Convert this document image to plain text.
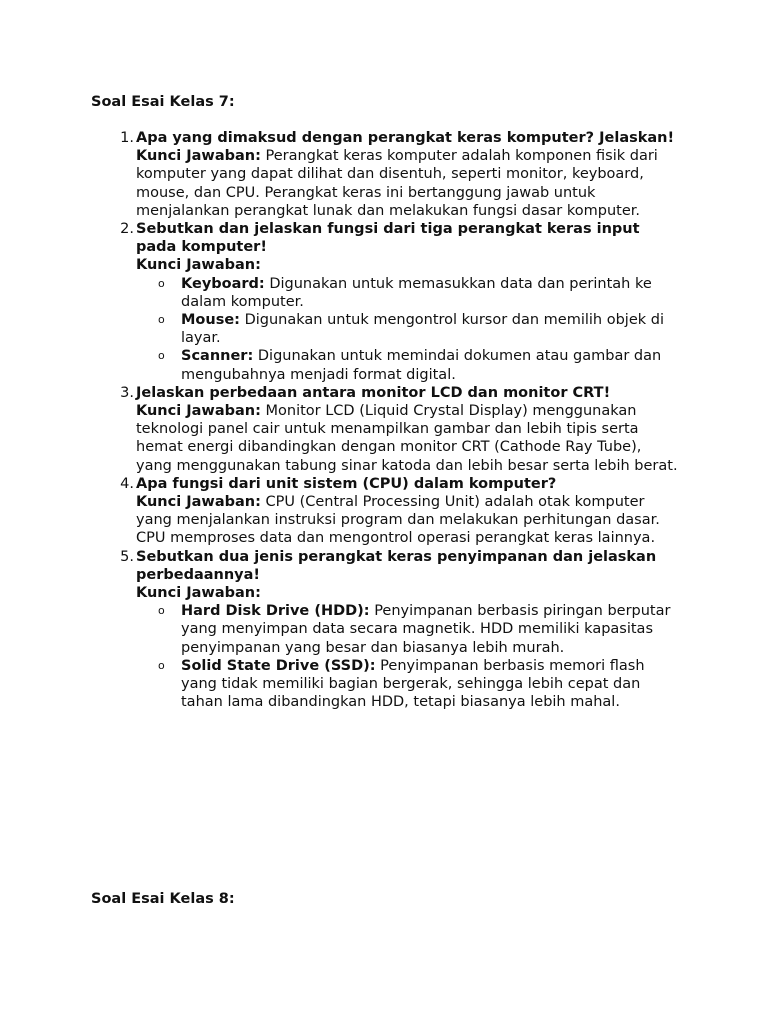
Soal Esai Kelas 7:

1. Apa yang dimaksud dengan perangkat keras komputer? Jelaskan!
Kunci Jawaban: Perangkat keras komputer adalah komponen fisik dari komputer yang dapat dilihat dan disentuh, seperti monitor, keyboard, mouse, dan CPU. Perangkat keras ini bertanggung jawab untuk menjalankan perangkat lunak dan melakukan fungsi dasar komputer.
2. Sebutkan dan jelaskan fungsi dari tiga perangkat keras input pada komputer!
Kunci Jawaban:
o Keyboard: Digunakan untuk memasukkan data dan perintah ke dalam komputer.
o Mouse: Digunakan untuk mengontrol kursor dan memilih objek di layar.
o Scanner: Digunakan untuk memindai dokumen atau gambar dan mengubahnya menjadi format digital.
3. Jelaskan perbedaan antara monitor LCD dan monitor CRT!
Kunci Jawaban: Monitor LCD (Liquid Crystal Display) menggunakan teknologi panel cair untuk menampilkan gambar dan lebih tipis serta hemat energi dibandingkan dengan monitor CRT (Cathode Ray Tube), yang menggunakan tabung sinar katoda dan lebih besar serta lebih berat.
4. Apa fungsi dari unit sistem (CPU) dalam komputer?
Kunci Jawaban: CPU (Central Processing Unit) adalah otak komputer yang menjalankan instruksi program dan melakukan perhitungan dasar. CPU memproses data dan mengontrol operasi perangkat keras lainnya.
5. Sebutkan dua jenis perangkat keras penyimpanan dan jelaskan perbedaannya!
Kunci Jawaban:
o Hard Disk Drive (HDD): Penyimpanan berbasis piringan berputar yang menyimpan data secara magnetik. HDD memiliki kapasitas penyimpanan yang besar dan biasanya lebih murah.
o Solid State Drive (SSD): Penyimpanan berbasis memori flash yang tidak memiliki bagian bergerak, sehingga lebih cepat dan tahan lama dibandingkan HDD, tetapi biasanya lebih mahal.

Soal Esai Kelas 8:
